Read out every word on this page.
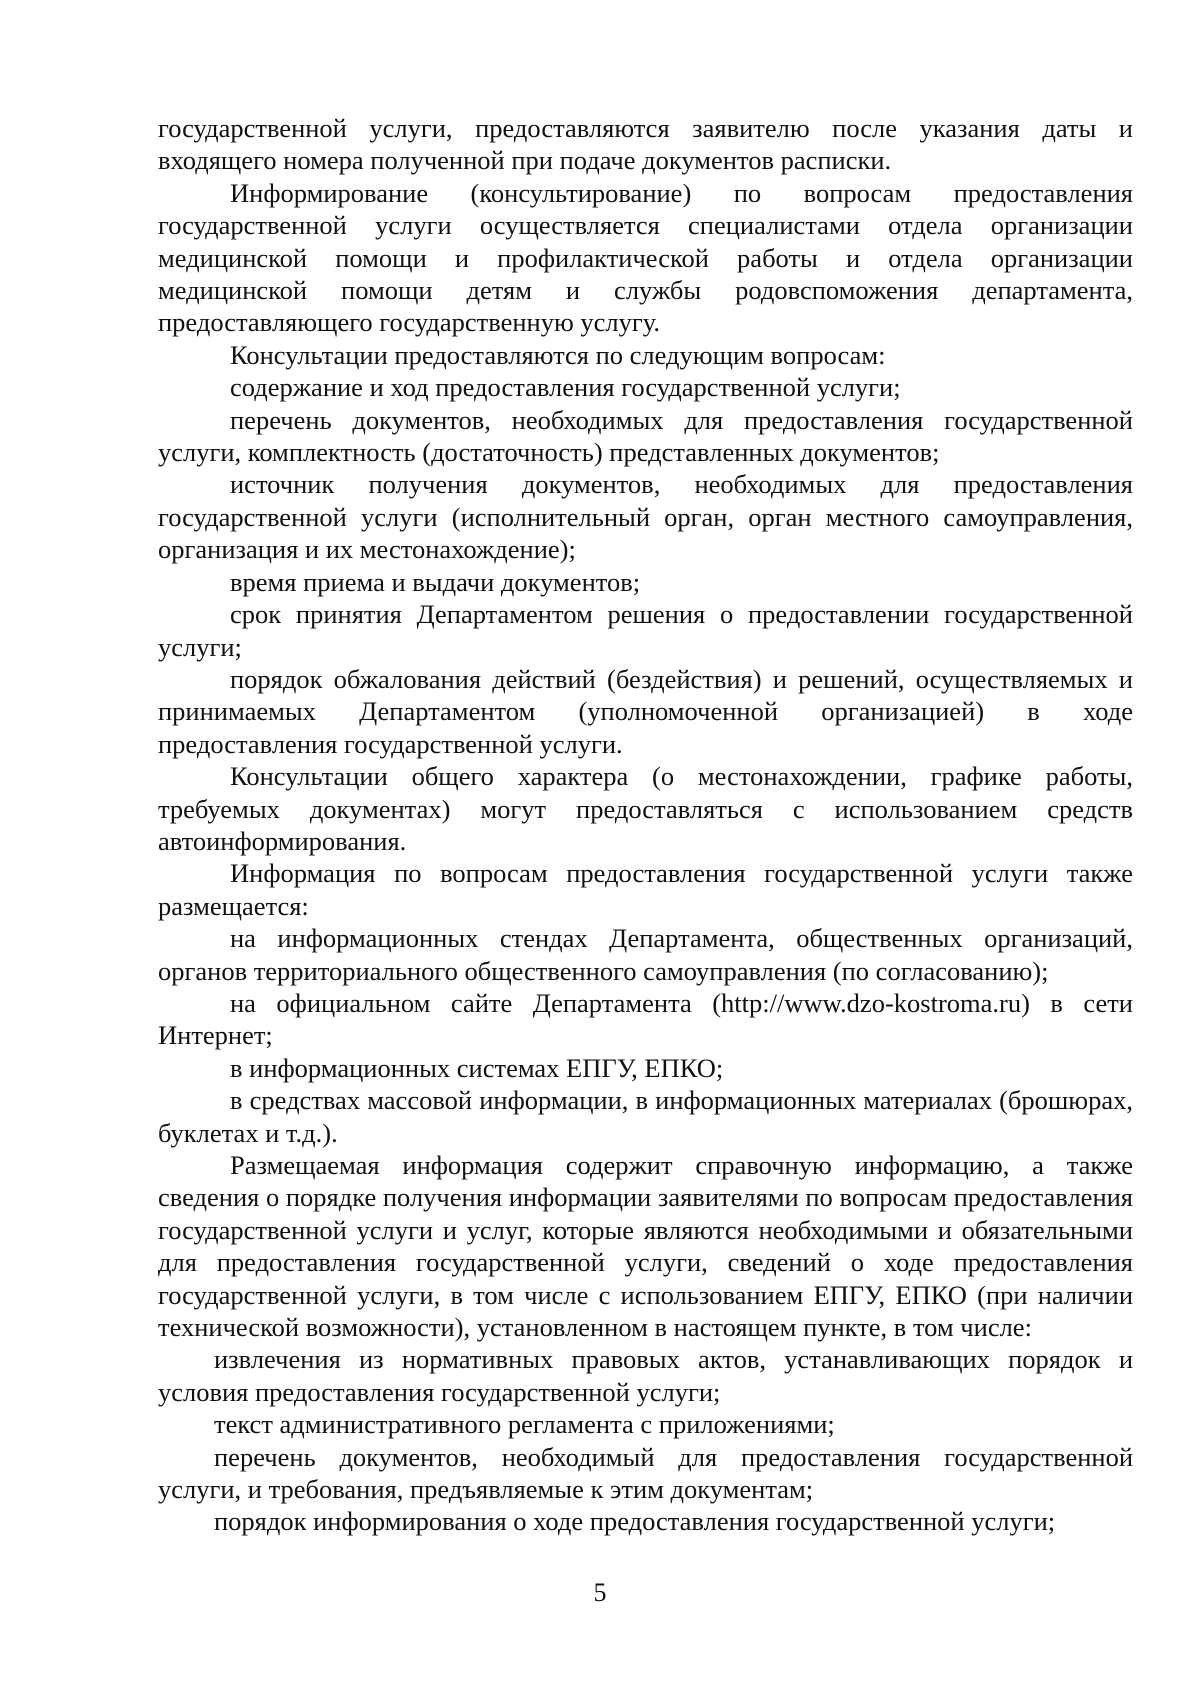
государственной услуги, предоставляются заявителю после указания даты и входящего номера полученной при подаче документов расписки.

Информирование (консультирование) по вопросам предоставления государственной услуги осуществляется специалистами отдела организации медицинской помощи и профилактической работы и отдела организации медицинской помощи детям и службы родовспоможения департамента, предоставляющего государственную услугу.

Консультации предоставляются по следующим вопросам:

содержание и ход предоставления государственной услуги;

перечень документов, необходимых для предоставления государственной услуги, комплектность (достаточность) представленных документов;

источник получения документов, необходимых для предоставления государственной услуги (исполнительный орган, орган местного самоуправления, организация и их местонахождение);

время приема и выдачи документов;

срок принятия Департаментом решения о предоставлении государственной услуги;

порядок обжалования действий (бездействия) и решений, осуществляемых и принимаемых Департаментом (уполномоченной организацией) в ходе предоставления государственной услуги.

Консультации общего характера (о местонахождении, графике работы, требуемых документах) могут предоставляться с использованием средств автоинформирования.

Информация по вопросам предоставления государственной услуги также размещается:

на информационных стендах Департамента, общественных организаций, органов территориального общественного самоуправления (по согласованию);

на официальном сайте Департамента (http://www.dzo-kostroma.ru) в сети Интернет;

в информационных системах ЕПГУ, ЕПКО;

в средствах массовой информации, в информационных материалах (брошюрах, буклетах и т.д.).

Размещаемая информация содержит справочную информацию, а также сведения о порядке получения информации заявителями по вопросам предоставления государственной услуги и услуг, которые являются необходимыми и обязательными для предоставления государственной услуги, сведений о ходе предоставления государственной услуги, в том числе с использованием ЕПГУ, ЕПКО (при наличии технической возможности), установленном в настоящем пункте, в том числе:

извлечения из нормативных правовых актов, устанавливающих порядок и условия предоставления государственной услуги;

текст административного регламента с приложениями;

перечень документов, необходимый для предоставления государственной услуги, и требования, предъявляемые к этим документам;

порядок информирования о ходе предоставления государственной услуги;

5
